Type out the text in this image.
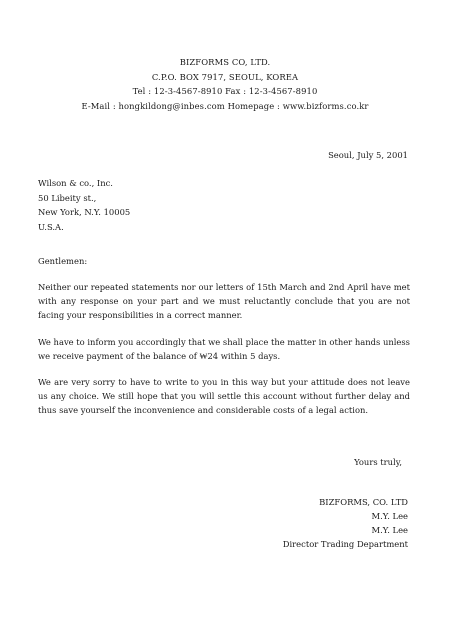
BIZFORMS CO, LTD.
C.P.O. BOX 7917, SEOUL, KOREA
Tel : 12-3-4567-8910 Fax : 12-3-4567-8910
E-Mail : hongkildong@inbes.com Homepage : www.bizforms.co.kr
Seoul, July 5, 2001
Wilson & co., Inc.
50 Libeity st.,
New York, N.Y. 10005
U.S.A.
Gentlemen:
Neither our repeated statements nor our letters of 15th March and 2nd April have met with any response on your part and we must reluctantly conclude that you are not facing your responsibilities in a correct manner.
We have to inform you accordingly that we shall place the matter in other hands unless we receive payment of the balance of ₩24 within 5 days.
We are very sorry to have to write to you in this way but your attitude does not leave us any choice. We still hope that you will settle this account without further delay and thus save yourself the inconvenience and considerable costs of a legal action.
Yours truly,
BIZFORMS, CO. LTD
M.Y. Lee
M.Y. Lee
Director Trading Department
